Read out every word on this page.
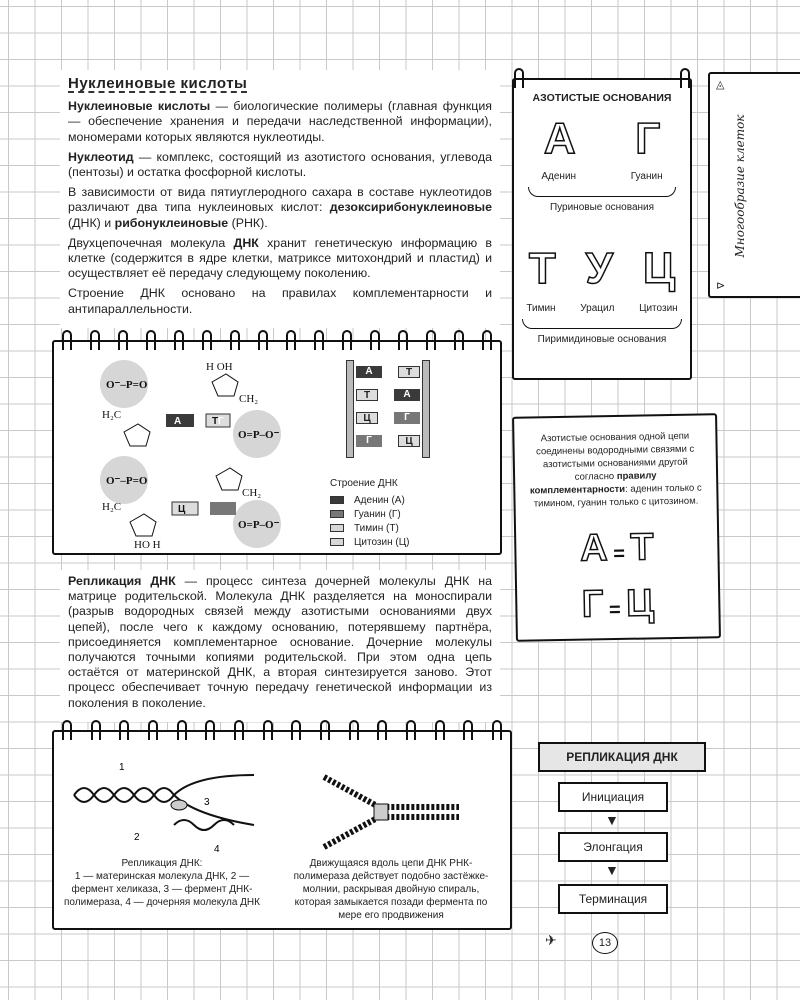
Нуклеиновые кислоты

Нуклеиновые кислоты — биологические полимеры (главная функция — обеспечение хранения и передачи наследственной информации), мономерами которых являются нуклеотиды.

Нуклеотид — комплекс, состоящий из азотистого основания, углевода (пентозы) и остатка фосфорной кислоты.

В зависимости от вида пятиуглеродного сахара в составе нуклеотидов различают два типа нуклеиновых кислот: дезоксирибонуклеиновые (ДНК) и рибонуклеиновые (РНК).

Двухцепочечная молекула ДНК хранит генетическую информацию в клетке (содержится в ядре клетки, матриксе митохондрий и пластид) и осуществляет её передачу следующему поколению.

Строение ДНК основано на правилах комплементарности и антипараллельности.

O⁻–P=O
O⁻–P=O
O=P–O⁻
O=P–O⁻
H₂C
H₂C
CH₂
CH₂
H OH
HO H
А	Г
Т
Ц
А	Т
Т	А
Ц	Г
Г	Ц
Строение ДНК
Аденин (А)
Гуанин (Г)
Тимин (Т)
Цитозин (Ц)

Репликация ДНК — процесс синтеза дочерней молекулы ДНК на матрице родительской. Молекула ДНК разделяется на моноспирали (разрыв водородных связей между азотистыми основаниями двух цепей), после чего к каждому основанию, потерявшему партнёра, присоединяется комплементарное основание. Дочерние молекулы получаются точными копиями родительской. При этом одна цепь остаётся от материнской ДНК, а вторая синтезируется заново. Этот процесс обеспечивает точную передачу генетической информации из поколения в поколение.

АЗОТИСТЫЕ ОСНОВАНИЯ
А Г
Аденин	Гуанин
Пуриновые основания
Т У Ц
Тимин Урацил Цитозин
Пиримидиновые основания
◬
⊳
Многообразие клеток
Азотистые основания одной цепи соединены водородными связями с азотистыми основаниями другой согласно правилу комплементарности: аденин только с тимином, гуанин только с цитозином.
А = Т
Г = Ц
1
2
3
4
Репликация ДНК:
1 — материнская молекула ДНК, 2 — фермент хеликаза, 3 — фермент ДНК-полимераза, 4 — дочерняя молекула ДНК
Движущаяся вдоль цепи ДНК РНК-полимераза действует подобно застёжке-молнии, раскрывая двойную спираль, которая замыкается позади фермента по мере его продвижения
РЕПЛИКАЦИЯ ДНК
Инициация
▼
Элонгация
▼
Терминация
✈	13
